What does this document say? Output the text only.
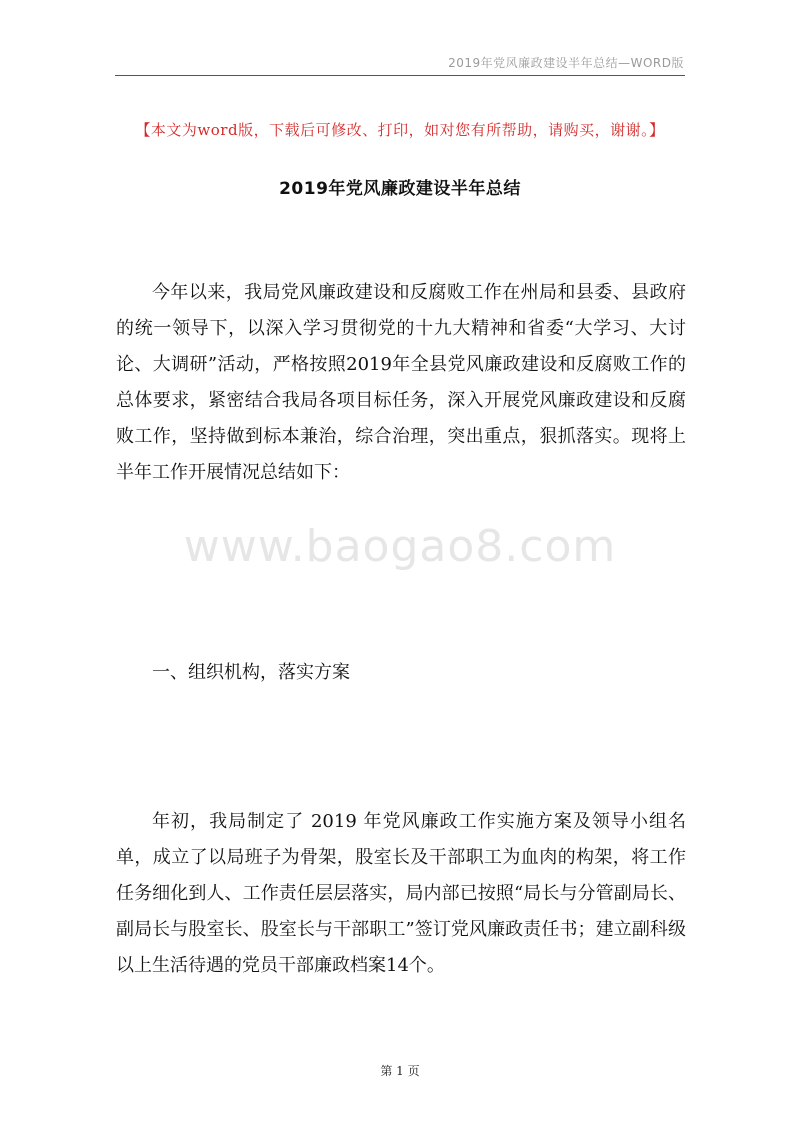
2019年党风廉政建设半年总结—WORD版
【本文为word版，下载后可修改、打印，如对您有所帮助，请购买，谢谢。】
2019年党风廉政建设半年总结

今年以来，我局党风廉政建设和反腐败工作在州局和县委、县政府的统一领导下，以深入学习贯彻党的十九大精神和省委“大学习、大讨论、大调研”活动，严格按照2019年全县党风廉政建设和反腐败工作的总体要求，紧密结合我局各项目标任务，深入开展党风廉政建设和反腐败工作，坚持做到标本兼治，综合治理，突出重点，狠抓落实。现将上半年工作开展情况总结如下：

www.baogao8.com
一、组织机构，落实方案

年初，我局制定了 2019 年党风廉政工作实施方案及领导小组名单，成立了以局班子为骨架，股室长及干部职工为血肉的构架，将工作任务细化到人、工作责任层层落实，局内部已按照“局长与分管副局长、副局长与股室长、股室长与干部职工”签订党风廉政责任书；建立副科级以上生活待遇的党员干部廉政档案14个。

第 1 页
